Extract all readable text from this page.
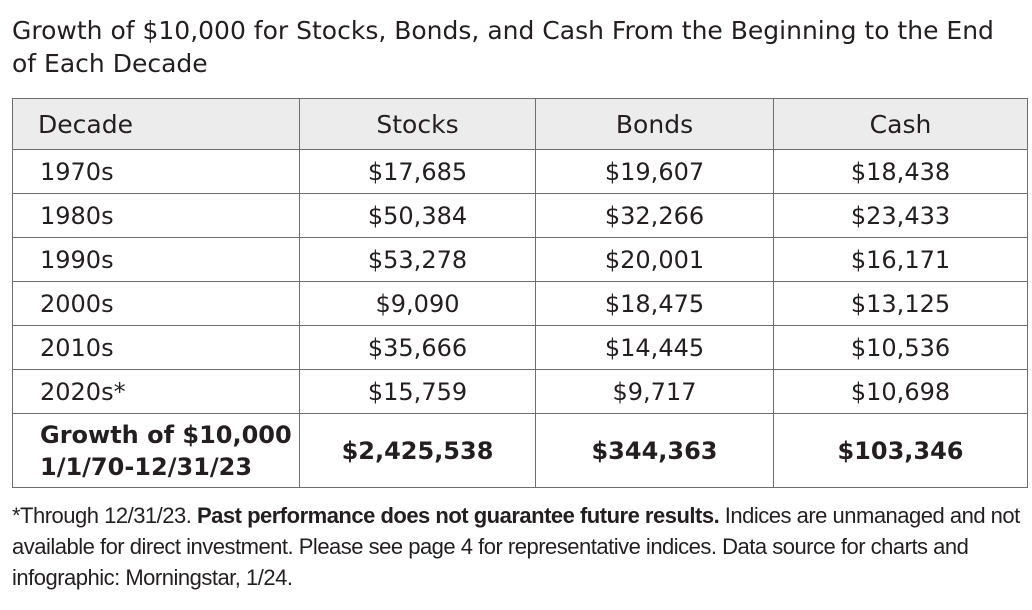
Growth of $10,000 for Stocks, Bonds, and Cash From the Beginning to the End of Each Decade
Decade	Stocks	Bonds	Cash
1970s	$17,685	$19,607	$18,438
1980s	$50,384	$32,266	$23,433
1990s	$53,278	$20,001	$16,171
2000s	$9,090	$18,475	$13,125
2010s	$35,666	$14,445	$10,536
2020s*	$15,759	$9,717	$10,698
Growth of $10,000
1/1/70-12/31/23	$2,425,538	$344,363	$103,346
*Through 12/31/23. Past performance does not guarantee future results. Indices are unmanaged and not available for direct investment. Please see page 4 for representative indices. Data source for charts and infographic: Morningstar, 1/24.
